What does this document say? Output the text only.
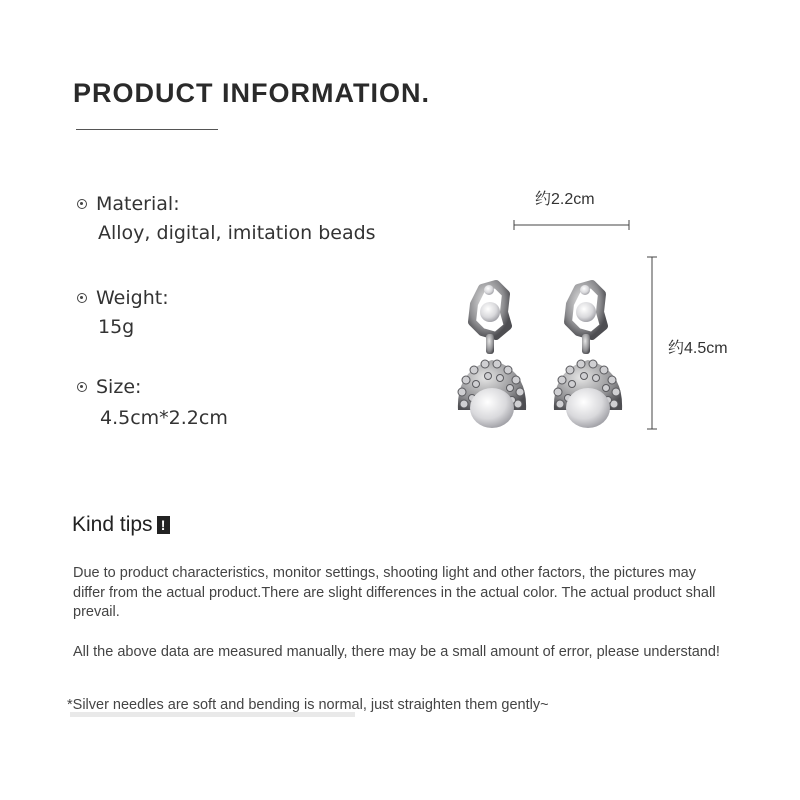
PRODUCT INFORMATION.
Material:
Alloy, digital, imitation beads
Weight:
15g
Size:
4.5cm*2.2cm
约2.2cm
约4.5cm
Kind tips !
Due to product characteristics, monitor settings, shooting light and other factors, the pictures may differ from the actual product.There are slight differences in the actual color. The actual product shall prevail.
All the above data are measured manually, there may be a small amount of error, please understand!
*Silver needles are soft and bending is normal, just straighten them gently~
